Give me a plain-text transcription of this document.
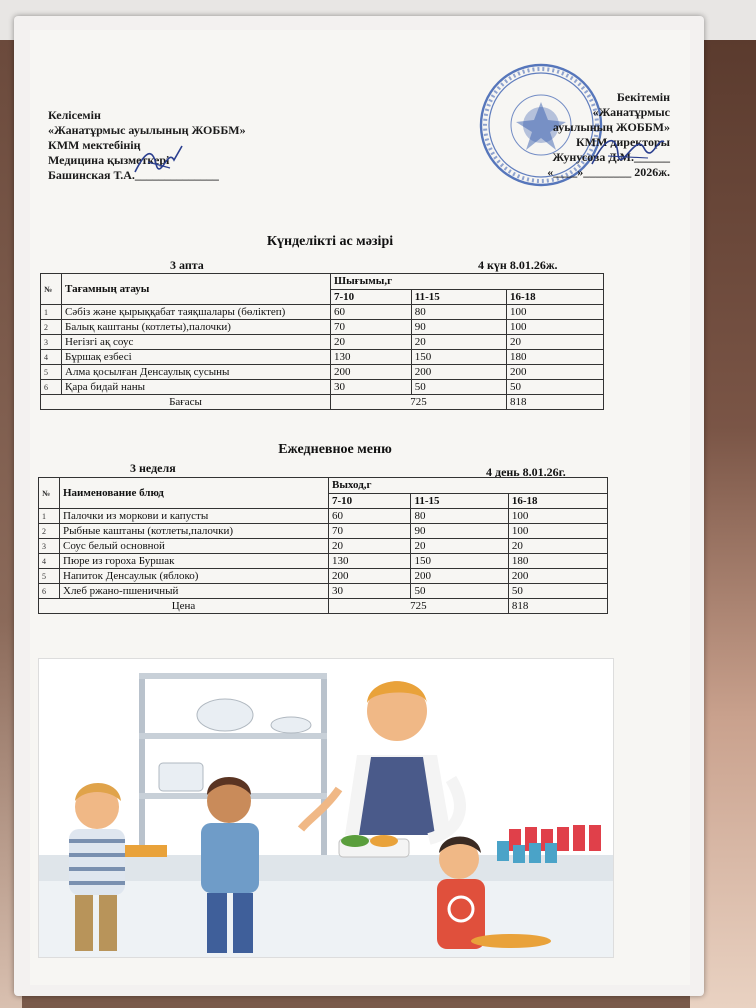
Келісемін
«Жанатұрмыс ауылының ЖОББМ»
КММ мектебінің
Медицина қызметкері
Башинская Т.А.______________
Бекітемін
«Жанатұрмыс
ауылының ЖОББМ»
КММ директоры
Жунусова Д.М.______
«____»________ 2026ж.
Күнделікті ас мәзірі
3 апта	4 күн 8.01.26ж.
№	Тағамның атауы	Шығымы,г		
		7-10	11-15	16-18
1	Сәбіз және қырыққабат таяқшалары (бөліктеп)	60	80	100
2	Балық каштаны (котлеты),палочки)	70	90	100
3	Негізгі ақ соус	20	20	20
4	Бұршақ езбесі	130	150	180
5	Алма қосылған Денсаулық сусыны	200	200	200
6	Қара бидай наны	30	50	50
Бағасы		725		818
Ежедневное меню
3 неделя	4 день 8.01.26г.
№	Наименование блюд	Выход,г		
		7-10	11-15	16-18
1	Палочки из моркови и капусты	60	80	100
2	Рыбные каштаны (котлеты,палочки)	70	90	100
3	Соус белый основной	20	20	20
4	Пюре из гороха Буршак	130	150	180
5	Напиток Денсаулык (яблоко)	200	200	200
6	Хлеб ржано-пшеничный	30	50	50
Цена		725		818
